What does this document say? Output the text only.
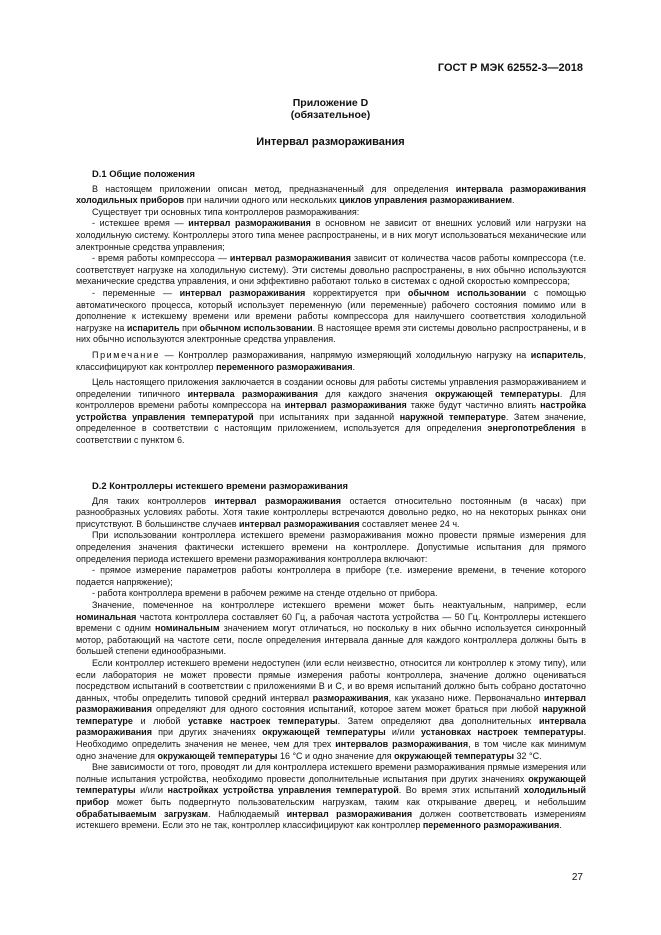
ГОСТ Р МЭК 62552-3—2018
Приложение D
(обязательное)
Интервал размораживания
D.1 Общие положения

В настоящем приложении описан метод, предназначенный для определения интервала размораживания холодильных приборов при наличии одного или нескольких циклов управления размораживанием.

Существует три основных типа контроллеров размораживания:

- истекшее время — интервал размораживания в основном не зависит от внешних условий или нагрузки на холодильную систему. Контроллеры этого типа менее распространены, и в них могут использоваться механические или электронные средства управления;

- время работы компрессора — интервал размораживания зависит от количества часов работы компрессора (т.е. соответствует нагрузке на холодильную систему). Эти системы довольно распространены, в них обычно используются механические средства управления, и они эффективно работают только в системах с одной скоростью компрессора;

- переменные — интервал размораживания корректируется при обычном использовании с помощью автоматического процесса, который использует переменную (или переменные) рабочего состояния помимо или в дополнение к истекшему времени или времени работы компрессора для наилучшего соответствия холодильной нагрузке на испаритель при обычном использовании. В настоящее время эти системы довольно распространены, и в них обычно используются электронные средства управления.

Примечание — Контроллер размораживания, напрямую измеряющий холодильную нагрузку на испаритель, классифицируют как контроллер переменного размораживания.

Цель настоящего приложения заключается в создании основы для работы системы управления размораживанием и определении типичного интервала размораживания для каждого значения окружающей температуры. Для контроллеров времени работы компрессора на интервал размораживания также будут частично влиять настройка устройства управления температурой при испытаниях при заданной наружной температуре. Затем значение, определенное в соответствии с настоящим приложением, используется для определения энергопотребления в соответствии с пунктом 6.

D.2 Контроллеры истекшего времени размораживания

Для таких контроллеров интервал размораживания остается относительно постоянным (в часах) при разнообразных условиях работы. Хотя такие контроллеры встречаются довольно редко, но на некоторых рынках они присутствуют. В большинстве случаев интервал размораживания составляет менее 24 ч.

При использовании контроллера истекшего времени размораживания можно провести прямые измерения для определения значения фактически истекшего времени на контроллере. Допустимые испытания для прямого определения периода истекшего времени размораживания контроллера включают:

- прямое измерение параметров работы контроллера в приборе (т.е. измерение времени, в течение которого подается напряжение);

- работа контроллера времени в рабочем режиме на стенде отдельно от прибора.

Значение, помеченное на контроллере истекшего времени может быть неактуальным, например, если номинальная частота контроллера составляет 60 Гц, а рабочая частота устройства — 50 Гц. Контроллеры истекшего времени с одним номинальным значением могут отличаться, но поскольку в них обычно используется синхронный мотор, работающий на частоте сети, после определения интервала данные для каждого контроллера должны быть в большей степени единообразными.

Если контроллер истекшего времени недоступен (или если неизвестно, относится ли контроллер к этому типу), или если лаборатория не может провести прямые измерения работы контроллера, значение должно оцениваться посредством испытаний в соответствии с приложениями В и С, и во время испытаний должно быть собрано достаточно данных, чтобы определить типовой средний интервал размораживания, как указано ниже. Первоначально интервал размораживания определяют для одного состояния испытаний, которое затем может браться при любой наружной температуре и любой уставке настроек температуры. Затем определяют два дополнительных интервала размораживания при других значениях окружающей температуры и/или установках настроек температуры. Необходимо определить значения не менее, чем для трех интервалов размораживания, в том числе как минимум одно значение для окружающей температуры 16 °С и одно значение для окружающей температуры 32 °С.

Вне зависимости от того, проводят ли для контроллера истекшего времени размораживания прямые измерения или полные испытания устройства, необходимо провести дополнительные испытания при других значениях окружающей температуры и/или настройках устройства управления температурой. Во время этих испытаний холодильный прибор может быть подвергнуто пользовательским нагрузкам, таким как открывание дверец, и небольшим обрабатываемым загрузкам. Наблюдаемый интервал размораживания должен соответствовать измерениям истекшего времени. Если это не так, контроллер классифицируют как контроллер переменного размораживания.

27
